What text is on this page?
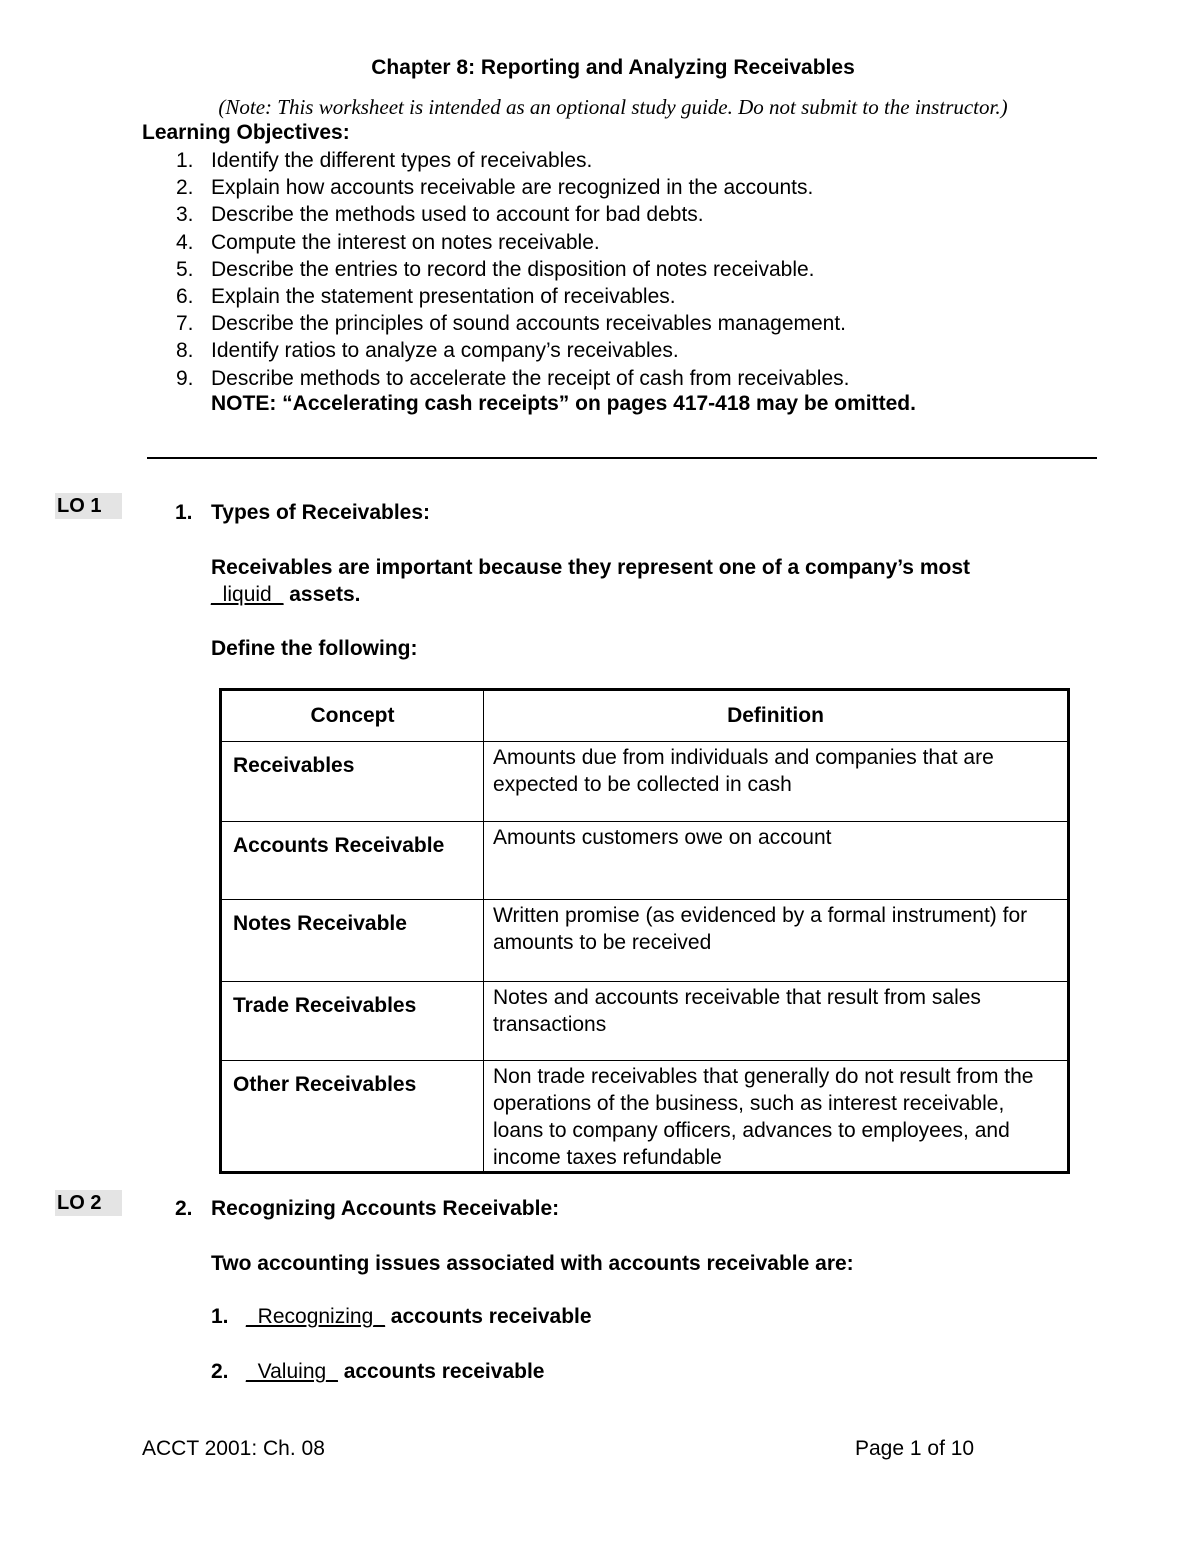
Chapter 8: Reporting and Analyzing Receivables
(Note: This worksheet is intended as an optional study guide. Do not submit to the instructor.)
Learning Objectives:
1. Identify the different types of receivables.
2. Explain how accounts receivable are recognized in the accounts.
3. Describe the methods used to account for bad debts.
4. Compute the interest on notes receivable.
5. Describe the entries to record the disposition of notes receivable.
6. Explain the statement presentation of receivables.
7. Describe the principles of sound accounts receivables management.
8. Identify ratios to analyze a company’s receivables.
9. Describe methods to accelerate the receipt of cash from receivables.
NOTE: “Accelerating cash receipts” on pages 417-418 may be omitted.
LO 1	1. Types of Receivables:
Receivables are important because they represent one of a company’s most
_liquid_ assets.
Define the following:
Concept	Definition
Receivables	Amounts due from individuals and companies that are expected to be collected in cash
Accounts Receivable	Amounts customers owe on account
Notes Receivable	Written promise (as evidenced by a formal instrument) for amounts to be received
Trade Receivables	Notes and accounts receivable that result from sales transactions
Other Receivables	Non trade receivables that generally do not result from the operations of the business, such as interest receivable, loans to company officers, advances to employees, and income taxes refundable
LO 2	2. Recognizing Accounts Receivable:
Two accounting issues associated with accounts receivable are:
1. _Recognizing_ accounts receivable
2. _Valuing_ accounts receivable
ACCT 2001: Ch. 08	Page 1 of 10
